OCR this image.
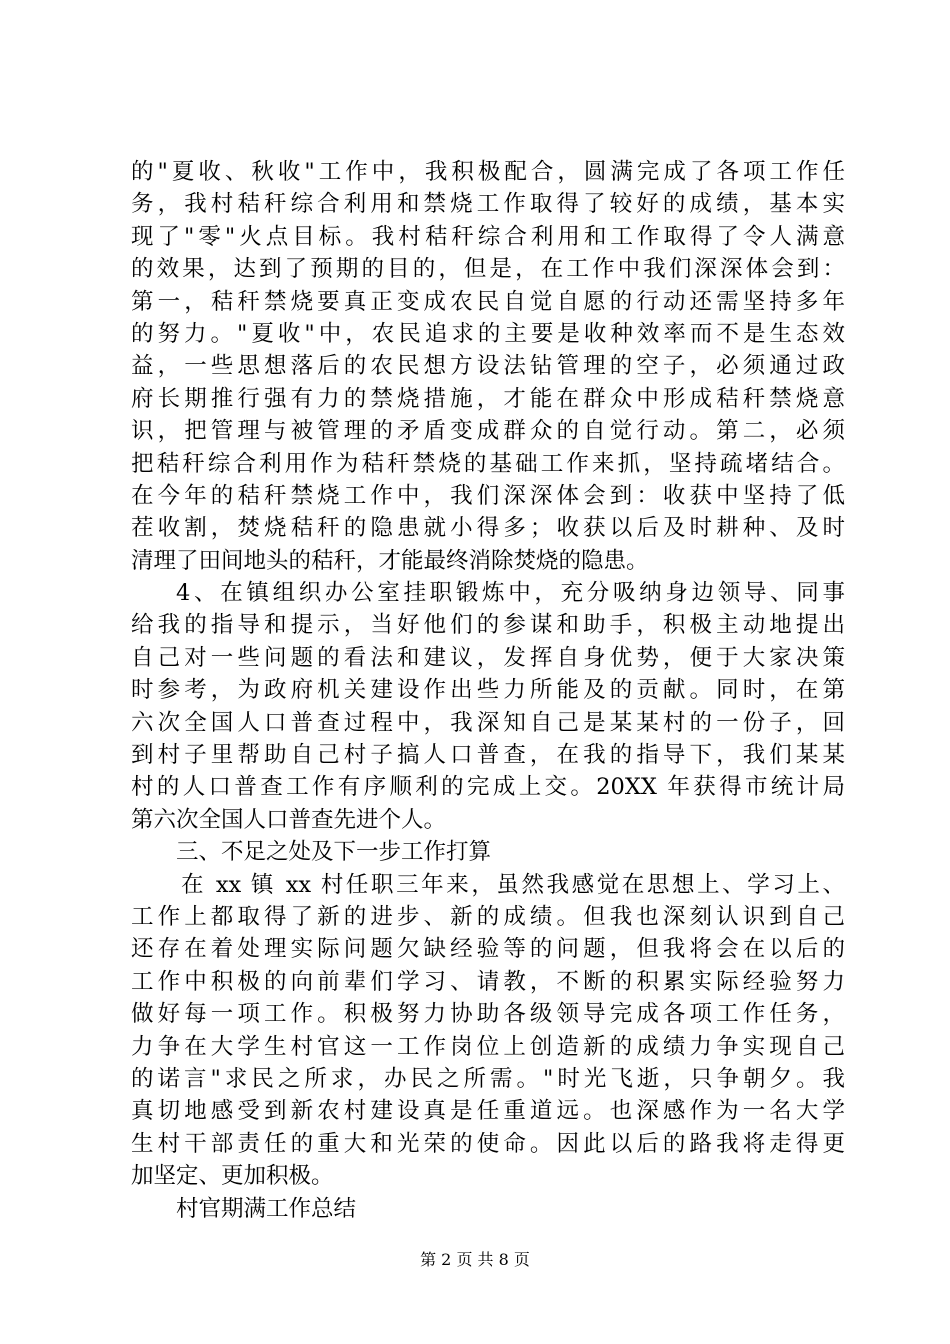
的"夏收、秋收"工作中，我积极配合，圆满完成了各项工作任
务，我村秸秆综合利用和禁烧工作取得了较好的成绩，基本实
现了"零"火点目标。我村秸秆综合利用和工作取得了令人满意
的效果，达到了预期的目的，但是，在工作中我们深深体会到：
第一，秸秆禁烧要真正变成农民自觉自愿的行动还需坚持多年
的努力。"夏收"中，农民追求的主要是收种效率而不是生态效
益，一些思想落后的农民想方设法钻管理的空子，必须通过政
府长期推行强有力的禁烧措施，才能在群众中形成秸秆禁烧意
识，把管理与被管理的矛盾变成群众的自觉行动。第二，必须
把秸秆综合利用作为秸秆禁烧的基础工作来抓，坚持疏堵结合。
在今年的秸秆禁烧工作中，我们深深体会到：收获中坚持了低
茬收割，焚烧秸秆的隐患就小得多；收获以后及时耕种、及时
清理了田间地头的秸秆，才能最终消除焚烧的隐患。
4、在镇组织办公室挂职锻炼中，充分吸纳身边领导、同事
给我的指导和提示，当好他们的参谋和助手，积极主动地提出
自己对一些问题的看法和建议，发挥自身优势，便于大家决策
时参考，为政府机关建设作出些力所能及的贡献。同时，在第
六次全国人口普查过程中，我深知自己是某某村的一份子，回
到村子里帮助自己村子搞人口普查，在我的指导下，我们某某
村的人口普查工作有序顺利的完成上交。20XX 年获得市统计局
第六次全国人口普查先进个人。
三、不足之处及下一步工作打算
在 xx 镇 xx 村任职三年来，虽然我感觉在思想上、学习上、
工作上都取得了新的进步、新的成绩。但我也深刻认识到自己
还存在着处理实际问题欠缺经验等的问题，但我将会在以后的
工作中积极的向前辈们学习、请教，不断的积累实际经验努力
做好每一项工作。积极努力协助各级领导完成各项工作任务，
力争在大学生村官这一工作岗位上创造新的成绩力争实现自己
的诺言"求民之所求，办民之所需。"时光飞逝，只争朝夕。我
真切地感受到新农村建设真是任重道远。也深感作为一名大学
生村干部责任的重大和光荣的使命。因此以后的路我将走得更
加坚定、更加积极。
村官期满工作总结
第 2 页 共 8 页
